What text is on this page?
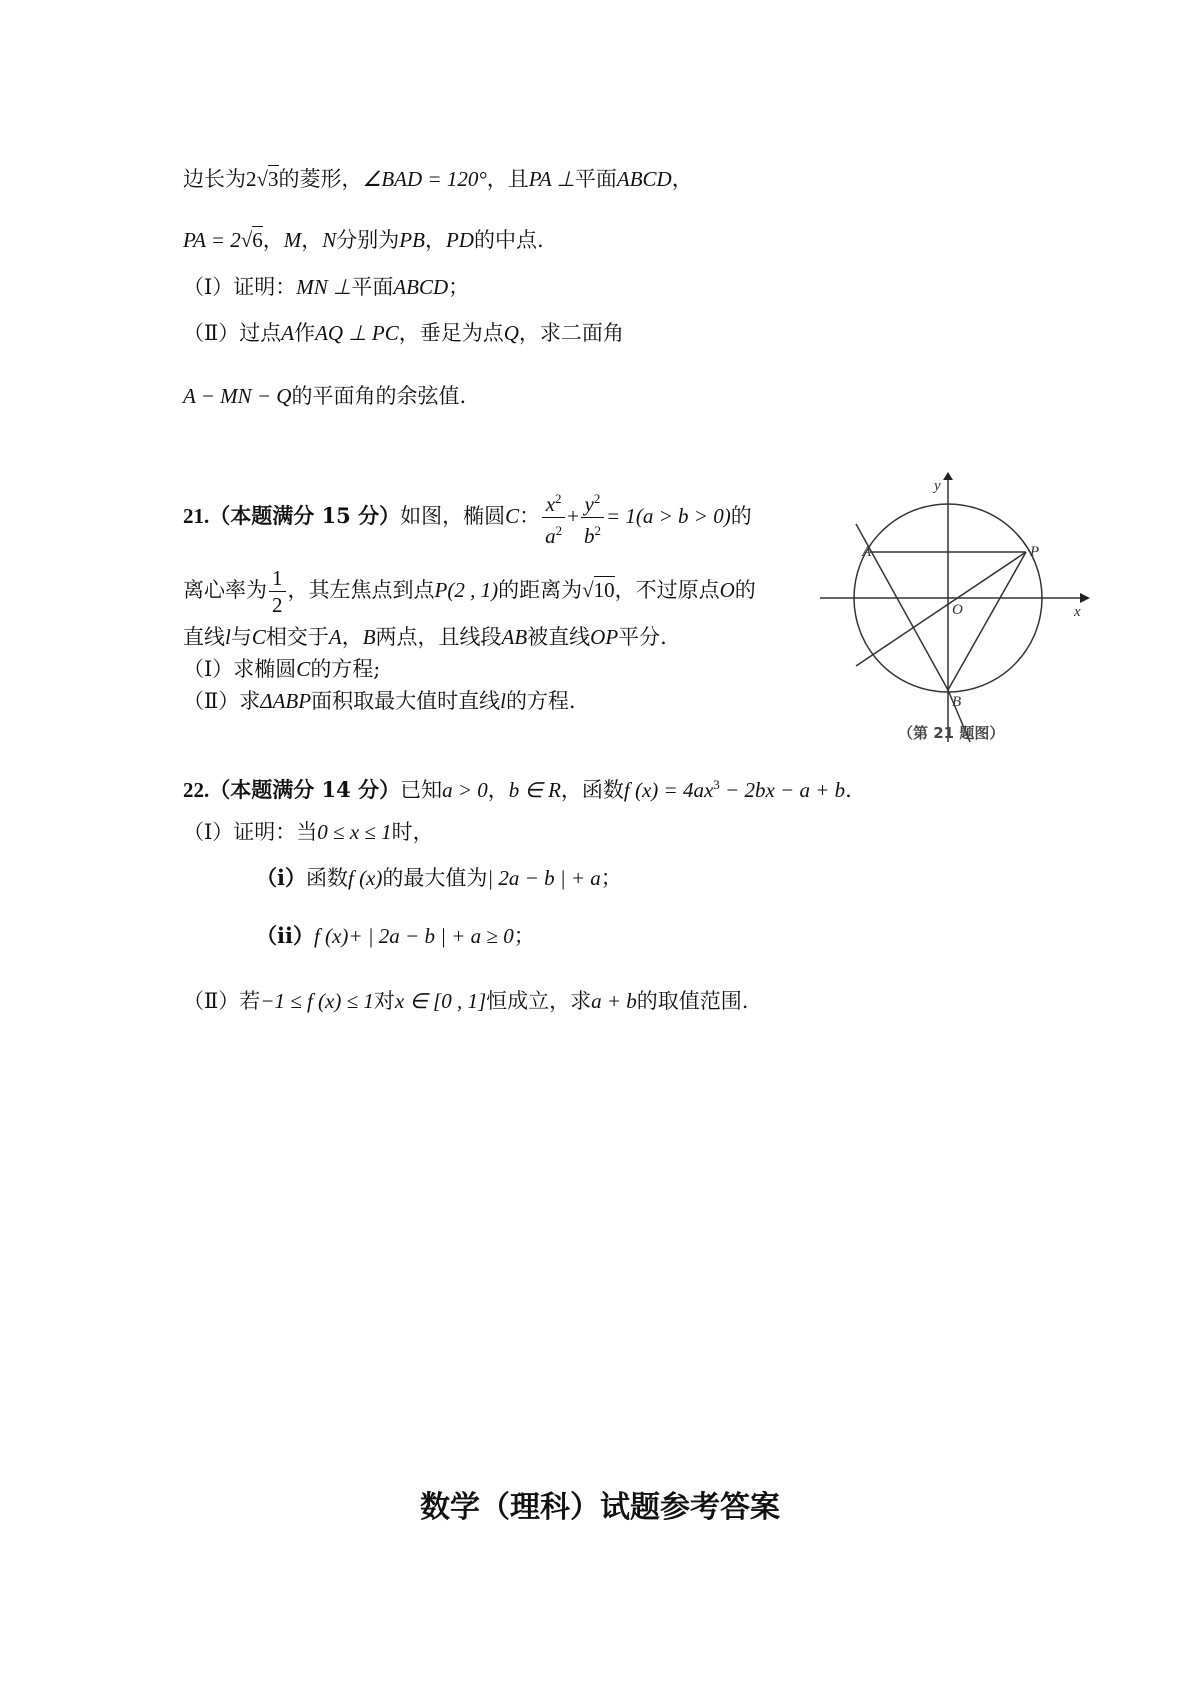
边长为2√3的菱形，∠BAD = 120°，且PA ⊥平面ABCD，
PA = 2√6，M，N分别为PB，PD的中点.
（Ⅰ）证明：MN ⊥平面ABCD；
（Ⅱ）过点A作AQ ⊥ PC，垂足为点Q，求二面角
A − MN − Q的平面角的余弦值.
21.（本题满分 15 分）如图，椭圆C： $\frac{x^2}{a^2} + \frac{y^2}{b^2} = 1(a > b > 0)$的
离心率为 $\frac{1}{2}$ ，其左焦点到点P(2 , 1)的距离为√10，不过原点O的
直线l与C相交于A，B两点，且线段AB被直线OP平分.
（Ⅰ）求椭圆C的方程;
（Ⅱ）求ΔABP面积取最大值时直线l的方程.
y
x
O
A	P
B
（第 21 题图）
22.（本题满分 14 分）已知a > 0，b ∈ R，函数f $(x) = 4ax^3 - 2bx - a + b$.
（Ⅰ）证明：当0 ≤ x ≤ 1时，
（i）函数f (x)的最大值为| 2a − b | + a；
（ii）f (x)+ | 2a − b | + a ≥ 0；
（Ⅱ）若−1 ≤ f (x) ≤ 1对x ∈ [0 , 1]恒成立，求a + b的取值范围.
数学（理科）试题参考答案
